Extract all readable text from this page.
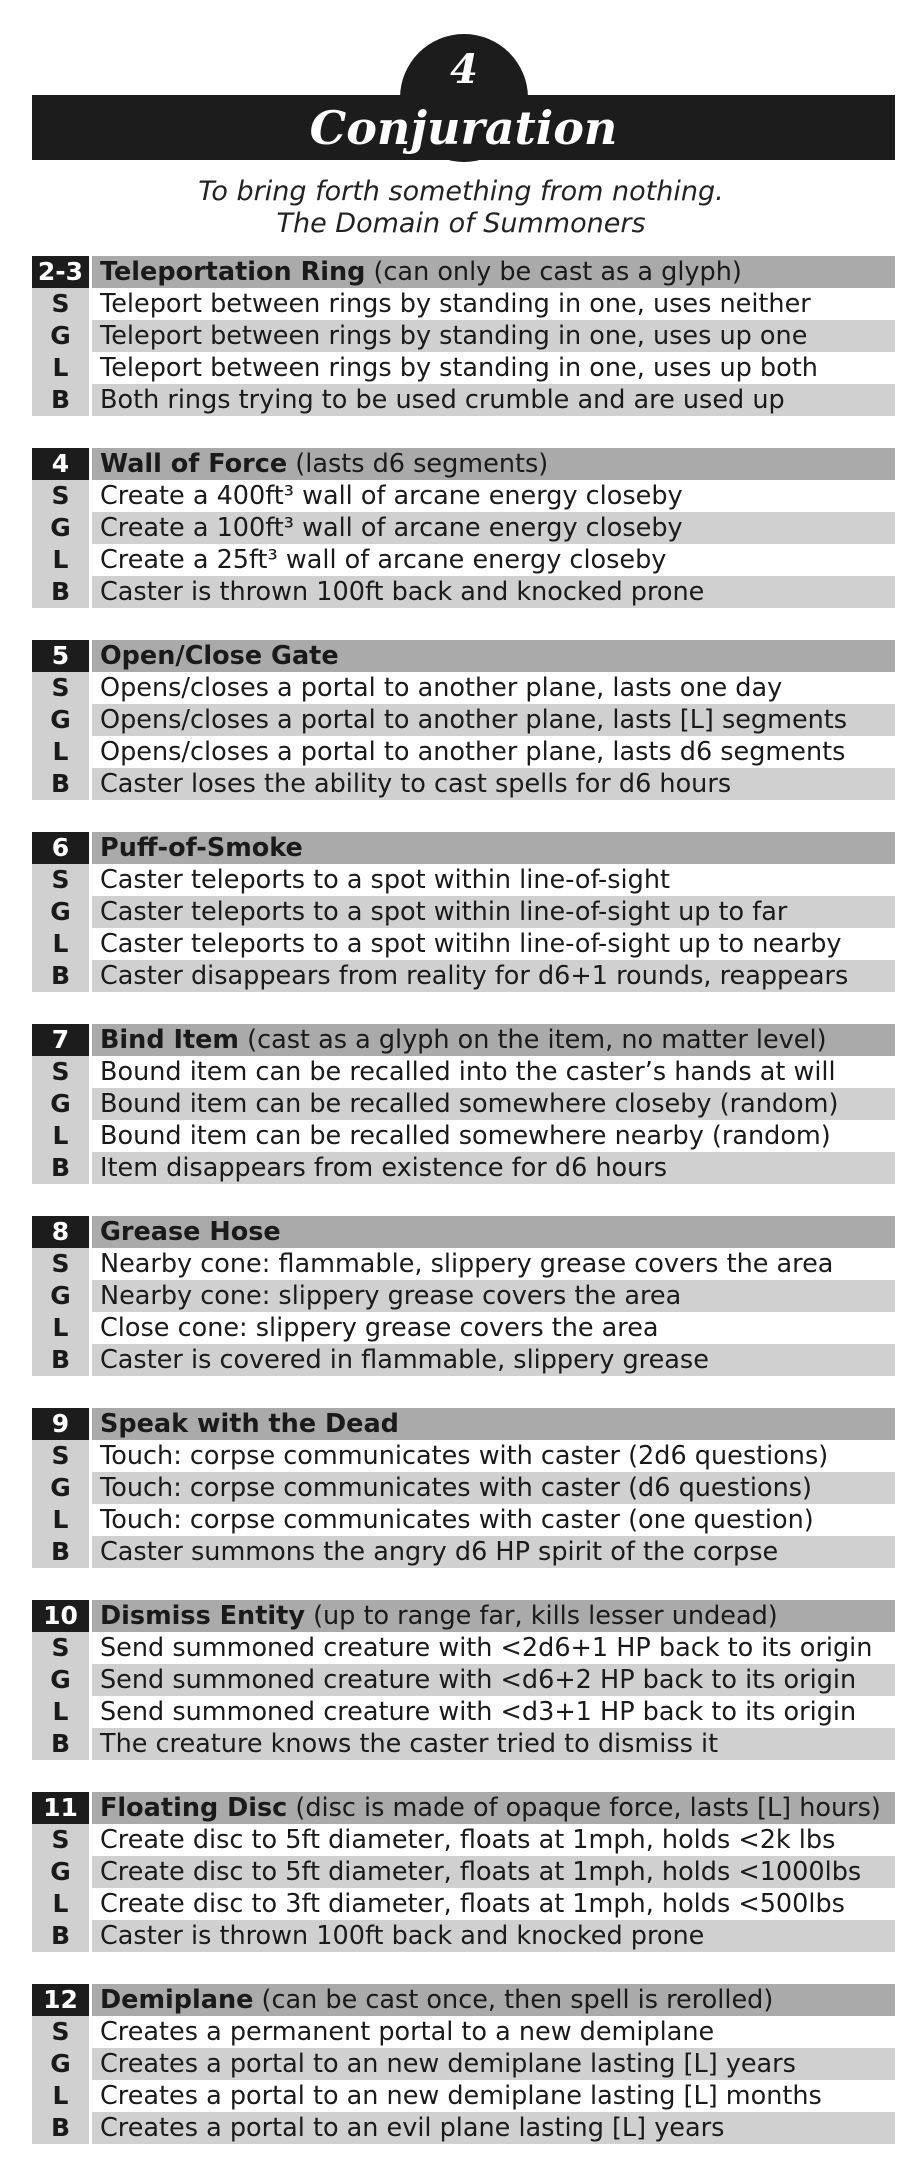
4
Conjuration
To bring forth something from nothing.
The Domain of Summoners
2-3 Teleportation Ring (can only be cast as a glyph)
S	Teleport between rings by standing in one, uses neither
G	Teleport between rings by standing in one, uses up one
L	Teleport between rings by standing in one, uses up both
B	Both rings trying to be used crumble and are used up
4	Wall of Force (lasts d6 segments)
S	Create a 400ft³ wall of arcane energy closeby
G	Create a 100ft³ wall of arcane energy closeby
L	Create a 25ft³ wall of arcane energy closeby
B	Caster is thrown 100ft back and knocked prone
5	Open/Close Gate
S	Opens/closes a portal to another plane, lasts one day
G	Opens/closes a portal to another plane, lasts [L] segments
L	Opens/closes a portal to another plane, lasts d6 segments
B	Caster loses the ability to cast spells for d6 hours
6	Puff-of-Smoke
S	Caster teleports to a spot within line-of-sight
G	Caster teleports to a spot within line-of-sight up to far
L	Caster teleports to a spot witihn line-of-sight up to nearby
B	Caster disappears from reality for d6+1 rounds, reappears
7	Bind Item (cast as a glyph on the item, no matter level)
S	Bound item can be recalled into the caster’s hands at will
G	Bound item can be recalled somewhere closeby (random)
L	Bound item can be recalled somewhere nearby (random)
B	Item disappears from existence for d6 hours
8	Grease Hose
S	Nearby cone: flammable, slippery grease covers the area
G	Nearby cone: slippery grease covers the area
L	Close cone: slippery grease covers the area
B	Caster is covered in flammable, slippery grease
9	Speak with the Dead
S	Touch: corpse communicates with caster (2d6 questions)
G	Touch: corpse communicates with caster (d6 questions)
L	Touch: corpse communicates with caster (one question)
B	Caster summons the angry d6 HP spirit of the corpse
10 Dismiss Entity (up to range far, kills lesser undead)
S	Send summoned creature with <2d6+1 HP back to its origin
G	Send summoned creature with <d6+2 HP back to its origin
L	Send summoned creature with <d3+1 HP back to its origin
B	The creature knows the caster tried to dismiss it
11 Floating Disc (disc is made of opaque force, lasts [L] hours)
S	Create disc to 5ft diameter, floats at 1mph, holds <2k lbs
G	Create disc to 5ft diameter, floats at 1mph, holds <1000lbs
L	Create disc to 3ft diameter, floats at 1mph, holds <500lbs
B	Caster is thrown 100ft back and knocked prone
12 Demiplane (can be cast once, then spell is rerolled)
S	Creates a permanent portal to a new demiplane
G	Creates a portal to an new demiplane lasting [L] years
L	Creates a portal to an new demiplane lasting [L] months
B	Creates a portal to an evil plane lasting [L] years
